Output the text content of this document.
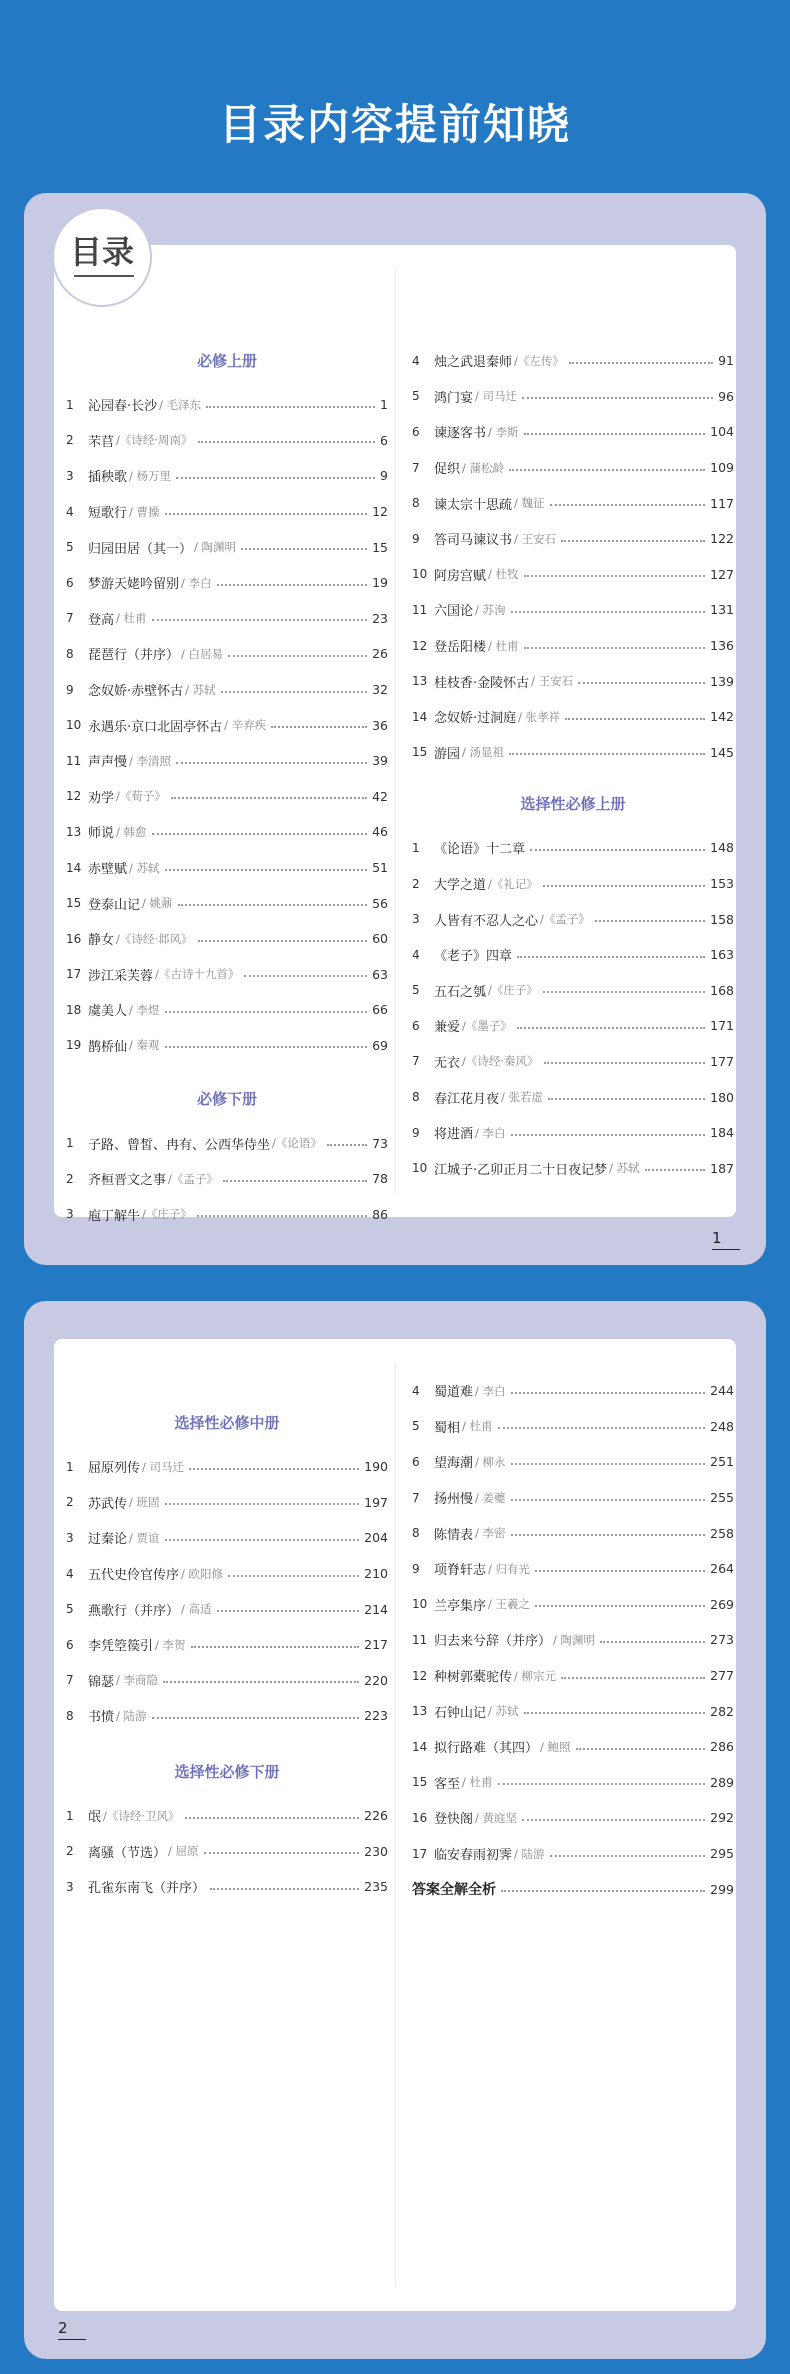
目录内容提前知晓
必修上册
1	沁园春·长沙 / 毛泽东	1
2	芣苢 /《诗经·周南》	6
3	插秧歌 / 杨万里	9
4	短歌行 / 曹操	12
5	归园田居（其一） / 陶渊明	15
6	梦游天姥吟留别 / 李白	19
7	登高 / 杜甫	23
8	琵琶行（并序） / 白居易	26
9	念奴娇·赤壁怀古 / 苏轼	32
10 永遇乐·京口北固亭怀古 / 辛弃疾	36
11 声声慢 / 李清照	39
12 劝学 /《荀子》	42
13 师说 / 韩愈	46
14 赤壁赋 / 苏轼	51
15 登泰山记 / 姚鼐	56
16 静女 /《诗经·邶风》	60
17 涉江采芙蓉 /《古诗十九首》	63
18 虞美人 / 李煜	66
19 鹊桥仙 / 秦观	69
必修下册
1	子路、曾皙、冉有、公西华侍坐 /《论语》	73
2	齐桓晋文之事 /《孟子》	78
3	庖丁解牛 /《庄子》	86
4	烛之武退秦师 /《左传》	91
5	鸿门宴 / 司马迁	96
6	谏逐客书 / 李斯	104
7	促织 / 蒲松龄	109
8	谏太宗十思疏 / 魏征	117
9	答司马谏议书 / 王安石	122
10 阿房宫赋 / 杜牧	127
11 六国论 / 苏洵	131
12 登岳阳楼 / 杜甫	136
13 桂枝香·金陵怀古 / 王安石	139
14 念奴娇·过洞庭 / 张孝祥	142
15 游园 / 汤显祖	145
选择性必修上册
1	《论语》十二章	148
2	大学之道 /《礼记》	153
3	人皆有不忍人之心 /《孟子》	158
4	《老子》四章	163
5	五石之瓠 /《庄子》	168
6	兼爱 /《墨子》	171
7	无衣 /《诗经·秦风》	177
8	春江花月夜 / 张若虚	180
9	将进酒 / 李白	184
10 江城子·乙卯正月二十日夜记梦 / 苏轼	187
目录
1
选择性必修中册
1	屈原列传 / 司马迁	190
2	苏武传 / 班固	197
3	过秦论 / 贾谊	204
4	五代史伶官传序 / 欧阳修	210
5	燕歌行（并序） / 高适	214
6	李凭箜篌引 / 李贺	217
7	锦瑟 / 李商隐	220
8	书愤 / 陆游	223
选择性必修下册
1	氓 /《诗经·卫风》	226
2	离骚（节选） / 屈原	230
3	孔雀东南飞（并序）	235
4	蜀道难 / 李白	244
5	蜀相 / 杜甫	248
6	望海潮 / 柳永	251
7	扬州慢 / 姜夔	255
8	陈情表 / 李密	258
9	项脊轩志 / 归有光	264
10 兰亭集序 / 王羲之	269
11 归去来兮辞（并序） / 陶渊明	273
12 种树郭橐驼传 / 柳宗元	277
13 石钟山记 / 苏轼	282
14 拟行路难（其四） / 鲍照	286
15 客至 / 杜甫	289
16 登快阁 / 黄庭坚	292
17 临安春雨初霁 / 陆游	295
答案全解全析	299
2
